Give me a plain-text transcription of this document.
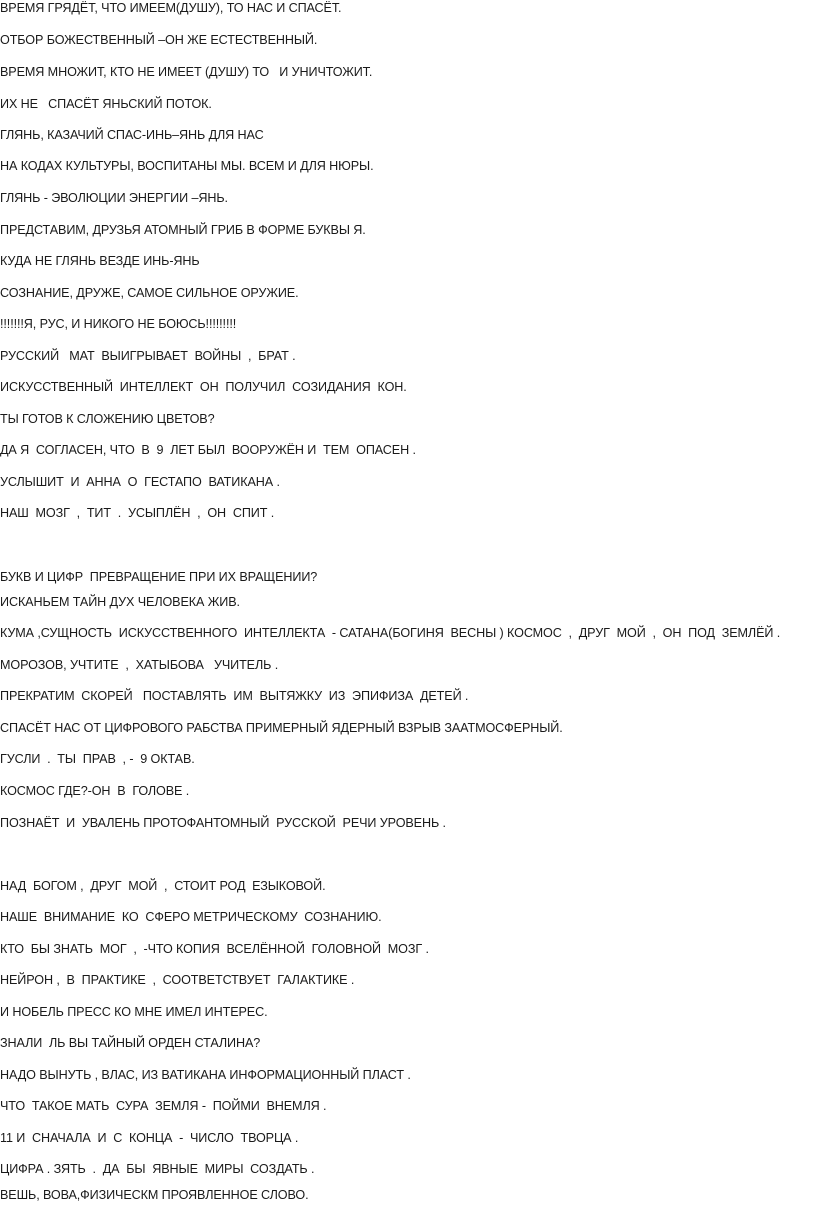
ВРЕМЯ ГРЯДЁТ, ЧТО ИМЕЕМ(ДУШУ), ТО НАС И СПАСЁТ.
ОТБОР БОЖЕСТВЕННЫЙ –ОН ЖЕ ЕСТЕСТВЕННЫЙ.
ВРЕМЯ МНОЖИТ, КТО НЕ ИМЕЕТ (ДУШУ) ТО   И УНИЧТОЖИТ.
ИХ НЕ   СПАСЁТ ЯНЬСКИЙ ПОТОК.
ГЛЯНЬ, КАЗАЧИЙ СПАС-ИНЬ–ЯНЬ ДЛЯ НАС
НА КОДАХ КУЛЬТУРЫ, ВОСПИТАНЫ МЫ. ВСЕМ И ДЛЯ НЮРЫ.
ГЛЯНЬ - ЭВОЛЮЦИИ ЭНЕРГИИ –ЯНЬ.
ПРЕДСТАВИМ, ДРУЗЬЯ АТОМНЫЙ ГРИБ В ФОРМЕ БУКВЫ Я.
КУДА НЕ ГЛЯНЬ ВЕЗДЕ ИНЬ-ЯНЬ
СОЗНАНИЕ, ДРУЖЕ, САМОЕ СИЛЬНОЕ ОРУЖИЕ.
!!!!!!!Я, РУС, И НИКОГО НЕ БОЮСЬ!!!!!!!!!
РУССКИЙ   МАТ  ВЫИГРЫВАЕТ  ВОЙНЫ  ,  БРАТ .
ИСКУССТВЕННЫЙ  ИНТЕЛЛЕКТ  ОН  ПОЛУЧИЛ  СОЗИДАНИЯ  КОН.
ТЫ ГОТОВ К СЛОЖЕНИЮ ЦВЕТОВ?
ДА Я  СОГЛАСЕН, ЧТО  В  9  ЛЕТ БЫЛ  ВООРУЖЁН И  ТЕМ  ОПАСЕН .
УСЛЫШИТ  И  АННА  О  ГЕСТАПО  ВАТИКАНА .
НАШ  МОЗГ  ,  ТИТ  .  УСЫПЛЁН  ,  ОН  СПИТ .
БУКВ И ЦИФР  ПРЕВРАЩЕНИЕ ПРИ ИХ ВРАЩЕНИИ?
ИСКАНЬЕМ ТАЙН ДУХ ЧЕЛОВЕКА ЖИВ.
КУМА ,СУЩНОСТЬ  ИСКУССТВЕННОГО  ИНТЕЛЛЕКТА  - САТАНА(БОГИНЯ  ВЕСНЫ ) КОСМОС  ,  ДРУГ  МОЙ  ,  ОН  ПОД  ЗЕМЛЁЙ .
МОРОЗОВ, УЧТИТЕ  ,  ХАТЫБОВА   УЧИТЕЛЬ .
ПРЕКРАТИМ  СКОРЕЙ   ПОСТАВЛЯТЬ  ИМ  ВЫТЯЖКУ  ИЗ  ЭПИФИЗА  ДЕТЕЙ .
СПАСЁТ НАС ОТ ЦИФРОВОГО РАБСТВА ПРИМЕРНЫЙ ЯДЕРНЫЙ ВЗРЫВ ЗААТМОСФЕРНЫЙ.
ГУСЛИ  .  ТЫ  ПРАВ  , -  9 ОКТАВ.
КОСМОС ГДЕ?-ОН  В  ГОЛОВЕ .
ПОЗНАЁТ  И  УВАЛЕНЬ ПРОТОФАНТОМНЫЙ  РУССКОЙ  РЕЧИ УРОВЕНЬ .
НАД  БОГОМ ,  ДРУГ  МОЙ  ,  СТОИТ РОД  ЕЗЫКОВОЙ.
НАШЕ  ВНИМАНИЕ  КО  СФЕРО МЕТРИЧЕСКОМУ  СОЗНАНИЮ.
КТО  БЫ ЗНАТЬ  МОГ  ,  -ЧТО КОПИЯ  ВСЕЛЁННОЙ  ГОЛОВНОЙ  МОЗГ .
НЕЙРОН ,  В  ПРАКТИКЕ  ,  СООТВЕТСТВУЕТ  ГАЛАКТИКЕ .
И НОБЕЛЬ ПРЕСС КО МНЕ ИМЕЛ ИНТЕРЕС.
ЗНАЛИ  ЛЬ ВЫ ТАЙНЫЙ ОРДЕН СТАЛИНА?
НАДО ВЫНУТЬ , ВЛАС, ИЗ ВАТИКАНА ИНФОРМАЦИОННЫЙ ПЛАСТ .
ЧТО  ТАКОЕ МАТЬ  СУРА  ЗЕМЛЯ -  ПОЙМИ  ВНЕМЛЯ .
11 И  СНАЧАЛА  И  С  КОНЦА  -  ЧИСЛО  ТВОРЦА .
ЦИФРА . ЗЯТЬ  .  ДА  БЫ  ЯВНЫЕ  МИРЫ  СОЗДАТЬ .
ВЕШЬ, ВОВА,ФИЗИЧЕСКМ ПРОЯВЛЕННОЕ СЛОВО.
